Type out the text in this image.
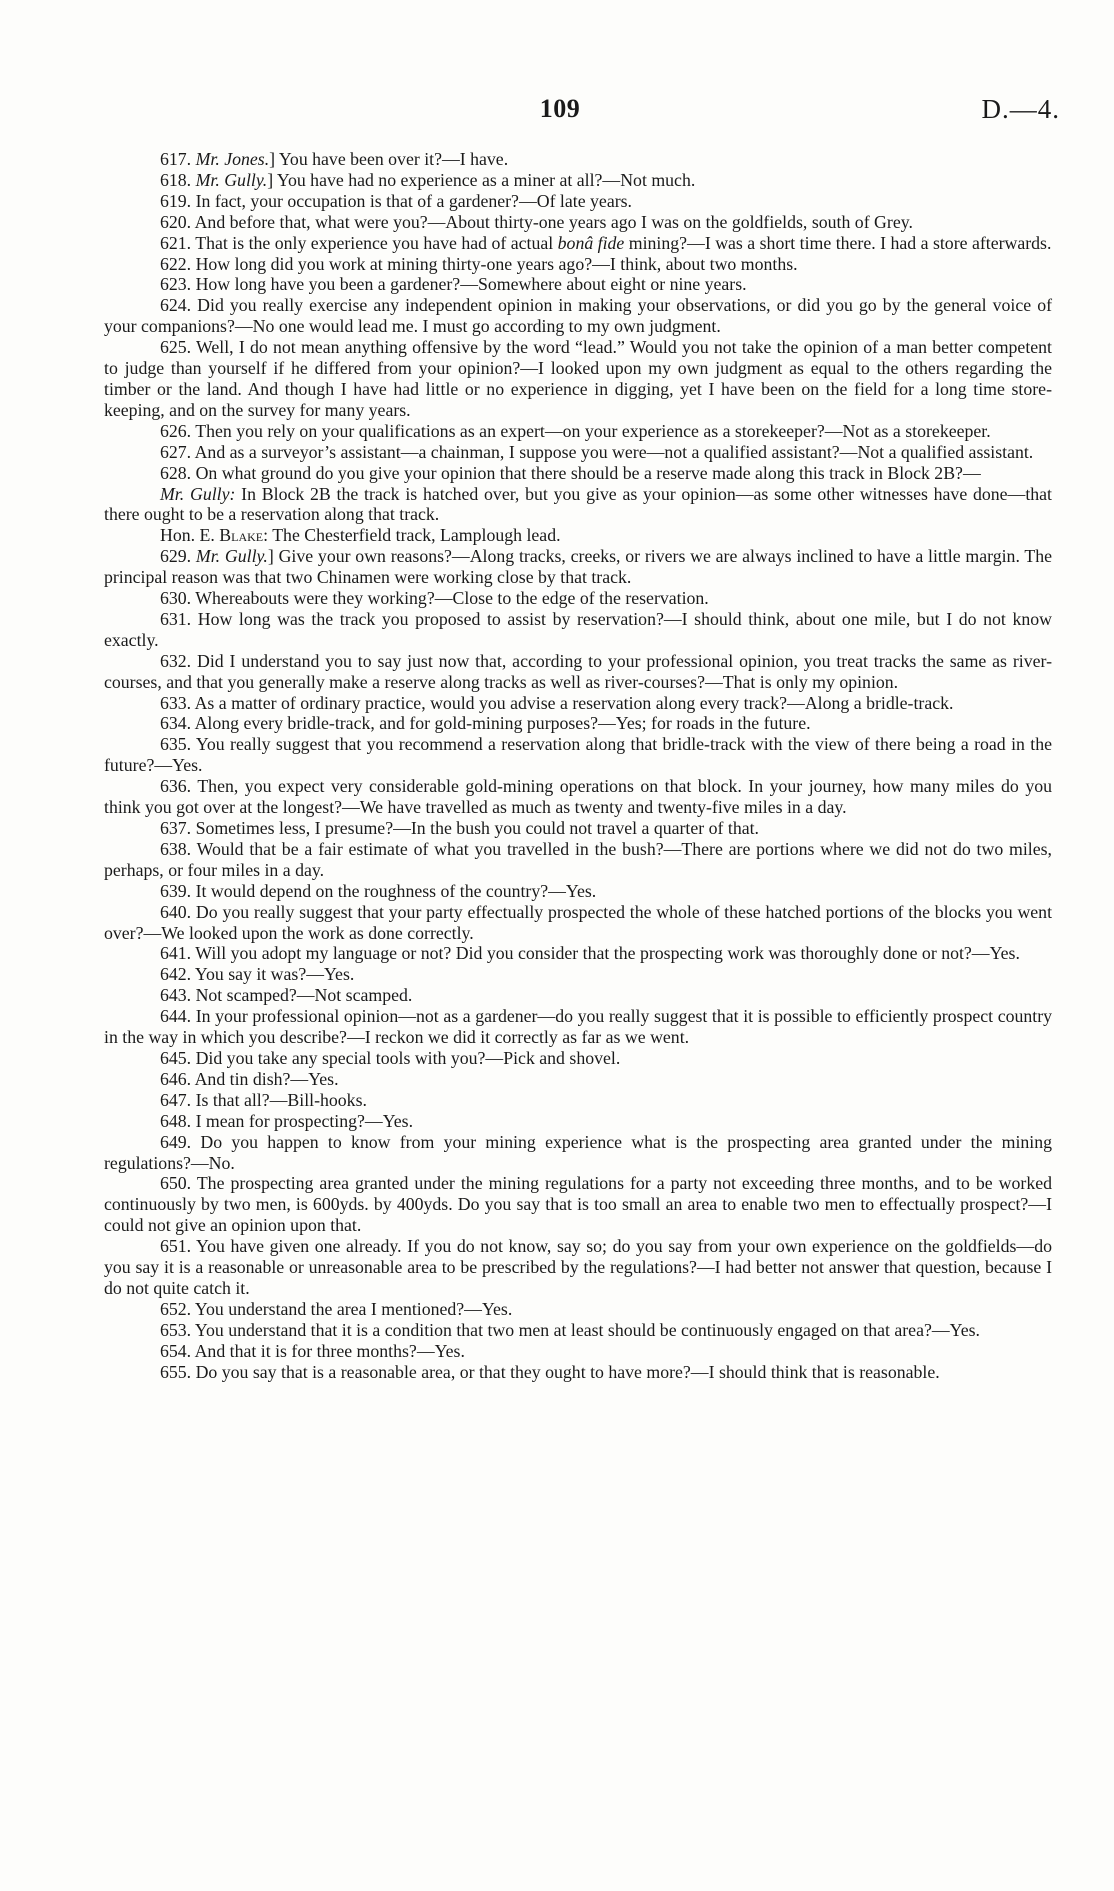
109	D.—4.

617. Mr. Jones.] You have been over it?—I have.

618. Mr. Gully.] You have had no experience as a miner at all?—Not much.

619. In fact, your occupation is that of a gardener?—Of late years.

620. And before that, what were you?—About thirty-one years ago I was on the goldfields, south of Grey.

621. That is the only experience you have had of actual bonâ fide mining?—I was a short time there. I had a store afterwards.

622. How long did you work at mining thirty-one years ago?—I think, about two months.

623. How long have you been a gardener?—Somewhere about eight or nine years.

624. Did you really exercise any independent opinion in making your observations, or did you go by the general voice of your companions?—No one would lead me. I must go according to my own judgment.

625. Well, I do not mean anything offensive by the word “lead.” Would you not take the opinion of a man better competent to judge than yourself if he differed from your opinion?—I looked upon my own judgment as equal to the others regarding the timber or the land. And though I have had little or no experience in digging, yet I have been on the field for a long time store-keeping, and on the survey for many years.

626. Then you rely on your qualifications as an expert—on your experience as a storekeeper?—Not as a storekeeper.

627. And as a surveyor’s assistant—a chainman, I suppose you were—not a qualified assistant?—Not a qualified assistant.

628. On what ground do you give your opinion that there should be a reserve made along this track in Block 2B?—

Mr. Gully: In Block 2B the track is hatched over, but you give as your opinion—as some other witnesses have done—that there ought to be a reservation along that track.

Hon. E. Blake: The Chesterfield track, Lamplough lead.

629. Mr. Gully.] Give your own reasons?—Along tracks, creeks, or rivers we are always inclined to have a little margin. The principal reason was that two Chinamen were working close by that track.

630. Whereabouts were they working?—Close to the edge of the reservation.

631. How long was the track you proposed to assist by reservation?—I should think, about one mile, but I do not know exactly.

632. Did I understand you to say just now that, according to your professional opinion, you treat tracks the same as river-courses, and that you generally make a reserve along tracks as well as river-courses?—That is only my opinion.

633. As a matter of ordinary practice, would you advise a reservation along every track?—Along a bridle-track.

634. Along every bridle-track, and for gold-mining purposes?—Yes; for roads in the future.

635. You really suggest that you recommend a reservation along that bridle-track with the view of there being a road in the future?—Yes.

636. Then, you expect very considerable gold-mining operations on that block. In your journey, how many miles do you think you got over at the longest?—We have travelled as much as twenty and twenty-five miles in a day.

637. Sometimes less, I presume?—In the bush you could not travel a quarter of that.

638. Would that be a fair estimate of what you travelled in the bush?—There are portions where we did not do two miles, perhaps, or four miles in a day.

639. It would depend on the roughness of the country?—Yes.

640. Do you really suggest that your party effectually prospected the whole of these hatched portions of the blocks you went over?—We looked upon the work as done correctly.

641. Will you adopt my language or not? Did you consider that the prospecting work was thoroughly done or not?—Yes.

642. You say it was?—Yes.

643. Not scamped?—Not scamped.

644. In your professional opinion—not as a gardener—do you really suggest that it is possible to efficiently prospect country in the way in which you describe?—I reckon we did it correctly as far as we went.

645. Did you take any special tools with you?—Pick and shovel.

646. And tin dish?—Yes.

647. Is that all?—Bill-hooks.

648. I mean for prospecting?—Yes.

649. Do you happen to know from your mining experience what is the prospecting area granted under the mining regulations?—No.

650. The prospecting area granted under the mining regulations for a party not exceeding three months, and to be worked continuously by two men, is 600yds. by 400yds. Do you say that is too small an area to enable two men to effectually prospect?—I could not give an opinion upon that.

651. You have given one already. If you do not know, say so; do you say from your own experience on the goldfields—do you say it is a reasonable or unreasonable area to be prescribed by the regulations?—I had better not answer that question, because I do not quite catch it.

652. You understand the area I mentioned?—Yes.

653. You understand that it is a condition that two men at least should be continuously engaged on that area?—Yes.

654. And that it is for three months?—Yes.

655. Do you say that is a reasonable area, or that they ought to have more?—I should think that is reasonable.
